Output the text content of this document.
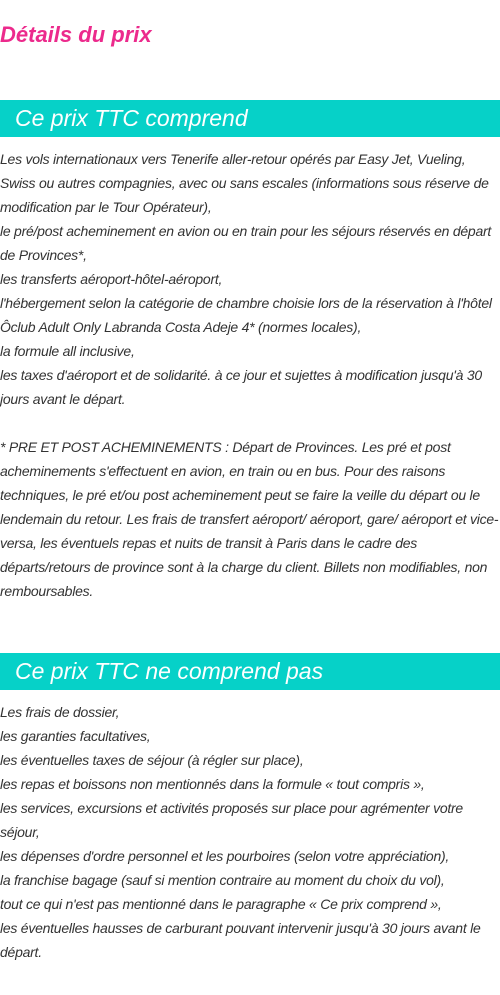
Détails du prix
Ce prix TTC comprend

Les vols internationaux vers Tenerife aller-retour opérés par Easy Jet, Vueling, Swiss ou autres compagnies, avec ou sans escales (informations sous réserve de modification par le Tour Opérateur),

le pré/post acheminement en avion ou en train pour les séjours réservés en départ de Provinces*,

les transferts aéroport-hôtel-aéroport,

l'hébergement selon la catégorie de chambre choisie lors de la réservation à l'hôtel Ôclub Adult Only Labranda Costa Adeje 4* (normes locales),

la formule all inclusive,

les taxes d'aéroport et de solidarité. à ce jour et sujettes à modification jusqu'à 30 jours avant le départ.

* PRE ET POST ACHEMINEMENTS : Départ de Provinces. Les pré et post acheminements s'effectuent en avion, en train ou en bus. Pour des raisons techniques, le pré et/ou post acheminement peut se faire la veille du départ ou le lendemain du retour. Les frais de transfert aéroport/ aéroport, gare/ aéroport et vice-versa, les éventuels repas et nuits de transit à Paris dans le cadre des départs/retours de province sont à la charge du client. Billets non modifiables, non remboursables.

Ce prix TTC ne comprend pas

Les frais de dossier,

les garanties facultatives,

les éventuelles taxes de séjour (à régler sur place),

les repas et boissons non mentionnés dans la formule « tout compris »,

les services, excursions et activités proposés sur place pour agrémenter votre séjour,

les dépenses d'ordre personnel et les pourboires (selon votre appréciation),

la franchise bagage (sauf si mention contraire au moment du choix du vol),

tout ce qui n'est pas mentionné dans le paragraphe « Ce prix comprend »,

les éventuelles hausses de carburant pouvant intervenir jusqu'à 30 jours avant le départ.
